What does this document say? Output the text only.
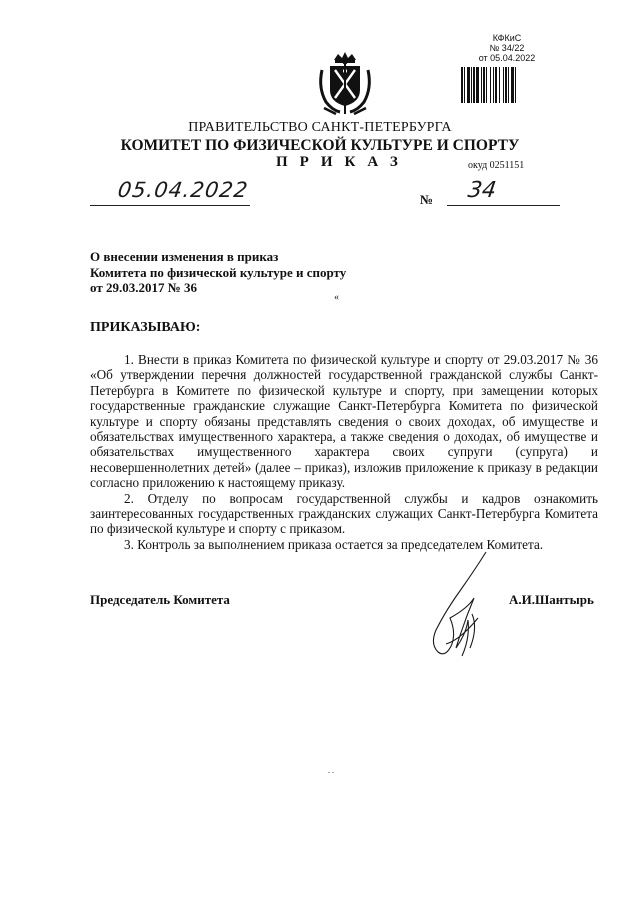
КФКиС
№ 34/22
от 05.04.2022
ПРАВИТЕЛЬСТВО САНКТ-ПЕТЕРБУРГА
КОМИТЕТ ПО ФИЗИЧЕСКОЙ КУЛЬТУРЕ И СПОРТУ
ПРИКАЗ	окуд 0251151
05.04.2022	№ 34
О внесении изменения в приказ
Комитета по физической культуре и спорту
от 29.03.2017 № 36
«
ПРИКАЗЫВАЮ:

1. Внести в приказ Комитета по физической культуре и спорту от 29.03.2017 № 36 «Об утверждении перечня должностей государственной гражданской службы Санкт-Петербурга в Комитете по физической культуре и спорту, при замещении которых государственные гражданские служащие Санкт-Петербурга Комитета по физической культуре и спорту обязаны представлять сведения о своих доходах, об имуществе и обязательствах имущественного характера, а также сведения о доходах, об имуществе и обязательствах имущественного характера своих супруги (супруга) и несовершеннолетних детей» (далее – приказ), изложив приложение к приказу в редакции согласно приложению к настоящему приказу.

2. Отделу по вопросам государственной службы и кадров ознакомить заинтересованных государственных гражданских служащих Санкт-Петербурга Комитета по физической культуре и спорту с приказом.

3. Контроль за выполнением приказа остается за председателем Комитета.

Председатель Комитета	А.И.Шантырь
. .
